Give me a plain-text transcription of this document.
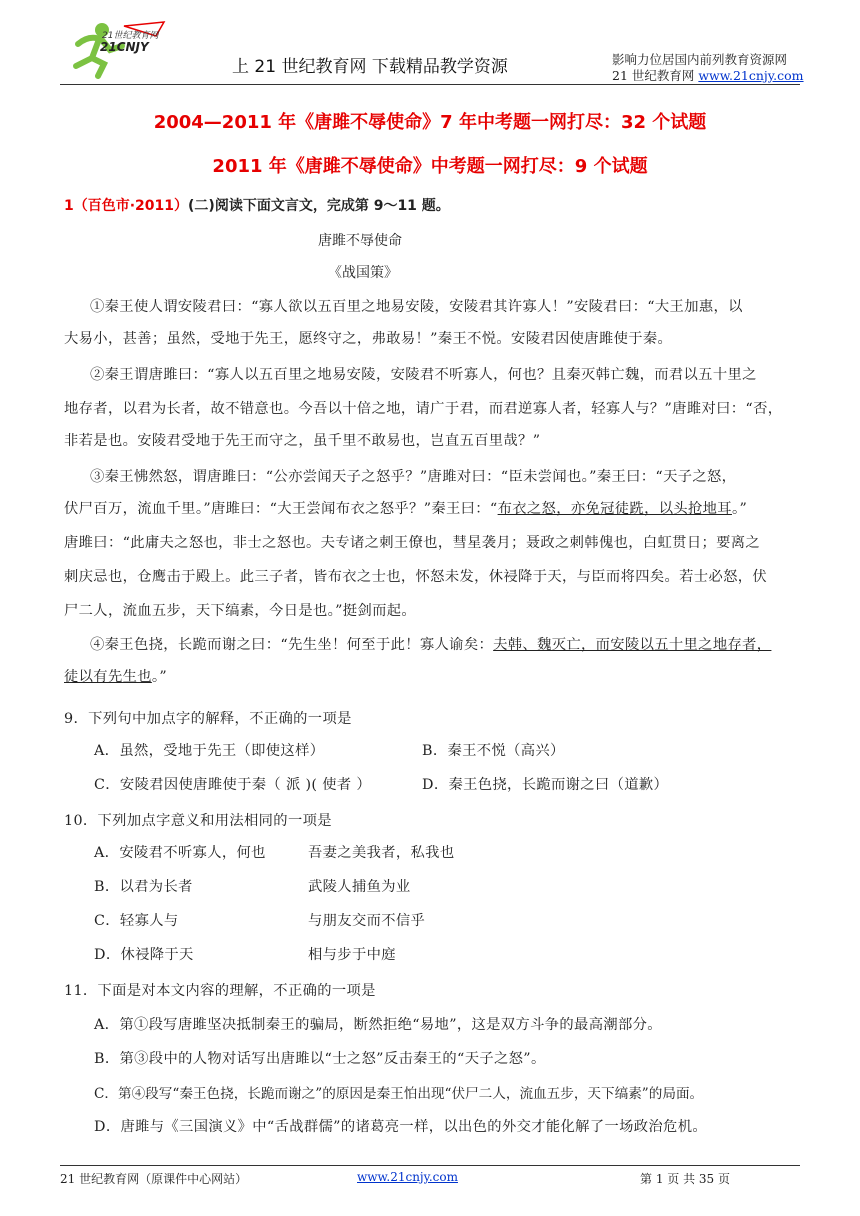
21世纪教育网
21CNJY
上 21 世纪教育网 下载精品教学资源	影响力位居国内前列教育资源网
21 世纪教育网 www.21cnjy.com
2004—2011 年《唐雎不辱使命》7 年中考题一网打尽：32 个试题
2011 年《唐雎不辱使命》中考题一网打尽：9 个试题
1（百色市·2011）(二)阅读下面文言文，完成第 9～11 题。
唐雎不辱使命
《战国策》
①秦王使人谓安陵君曰：“寡人欲以五百里之地易安陵，安陵君其许寡人！”安陵君曰：“大王加惠，以
大易小，甚善；虽然，受地于先王，愿终守之，弗敢易！”秦王不悦。安陵君因使唐雎使于秦。
②秦王谓唐雎曰：“寡人以五百里之地易安陵，安陵君不听寡人，何也？且秦灭韩亡魏，而君以五十里之
地存者，以君为长者，故不错意也。今吾以十倍之地，请广于君，而君逆寡人者，轻寡人与？”唐雎对曰：“否，
非若是也。安陵君受地于先王而守之，虽千里不敢易也，岂直五百里哉？”
③秦王怫然怒，谓唐雎曰：“公亦尝闻天子之怒乎？”唐雎对曰：“臣未尝闻也。”秦王曰：“天子之怒，
伏尸百万，流血千里。”唐雎曰：“大王尝闻布衣之怒乎？”秦王曰：“布衣之怒，亦免冠徒跣，以头抢地耳。”
唐雎曰：“此庸夫之怒也，非士之怒也。夫专诸之刺王僚也，彗星袭月；聂政之刺韩傀也，白虹贯日；要离之
刺庆忌也，仓鹰击于殿上。此三子者，皆布衣之士也，怀怒未发，休祲降于天，与臣而将四矣。若士必怒，伏
尸二人，流血五步，天下缟素，今日是也。”挺剑而起。
④秦王色挠，长跪而谢之曰：“先生坐！何至于此！寡人谕矣：夫韩、魏灭亡，而安陵以五十里之地存者，
徒以有先生也。”
9．下列句中加点字的解释，不正确的一项是
A．虽然，受地于先王（即使这样）	B．秦王不悦（高兴）
C．安陵君因使唐雎使于秦（ 派 )( 使者 ）	D．秦王色挠，长跪而谢之曰（道歉）
10．下列加点字意义和用法相同的一项是
A．安陵君不听寡人，何也	吾妻之美我者，私我也
B．以君为长者	武陵人捕鱼为业
C．轻寡人与	与朋友交而不信乎
D．休祲降于天	相与步于中庭
11．下面是对本文内容的理解，不正确的一项是
A．第①段写唐雎坚决抵制秦王的骗局，断然拒绝“易地”，这是双方斗争的最高潮部分。
B．第③段中的人物对话写出唐雎以“士之怒”反击秦王的“天子之怒”。
C．第④段写“秦王色挠，长跪而谢之”的原因是秦王怕出现“伏尸二人，流血五步，天下缟素”的局面。
D．唐雎与《三国演义》中“舌战群儒”的诸葛亮一样，以出色的外交才能化解了一场政治危机。
21 世纪教育网（原课件中心网站）	www.21cnjy.com	第 1 页 共 35 页
